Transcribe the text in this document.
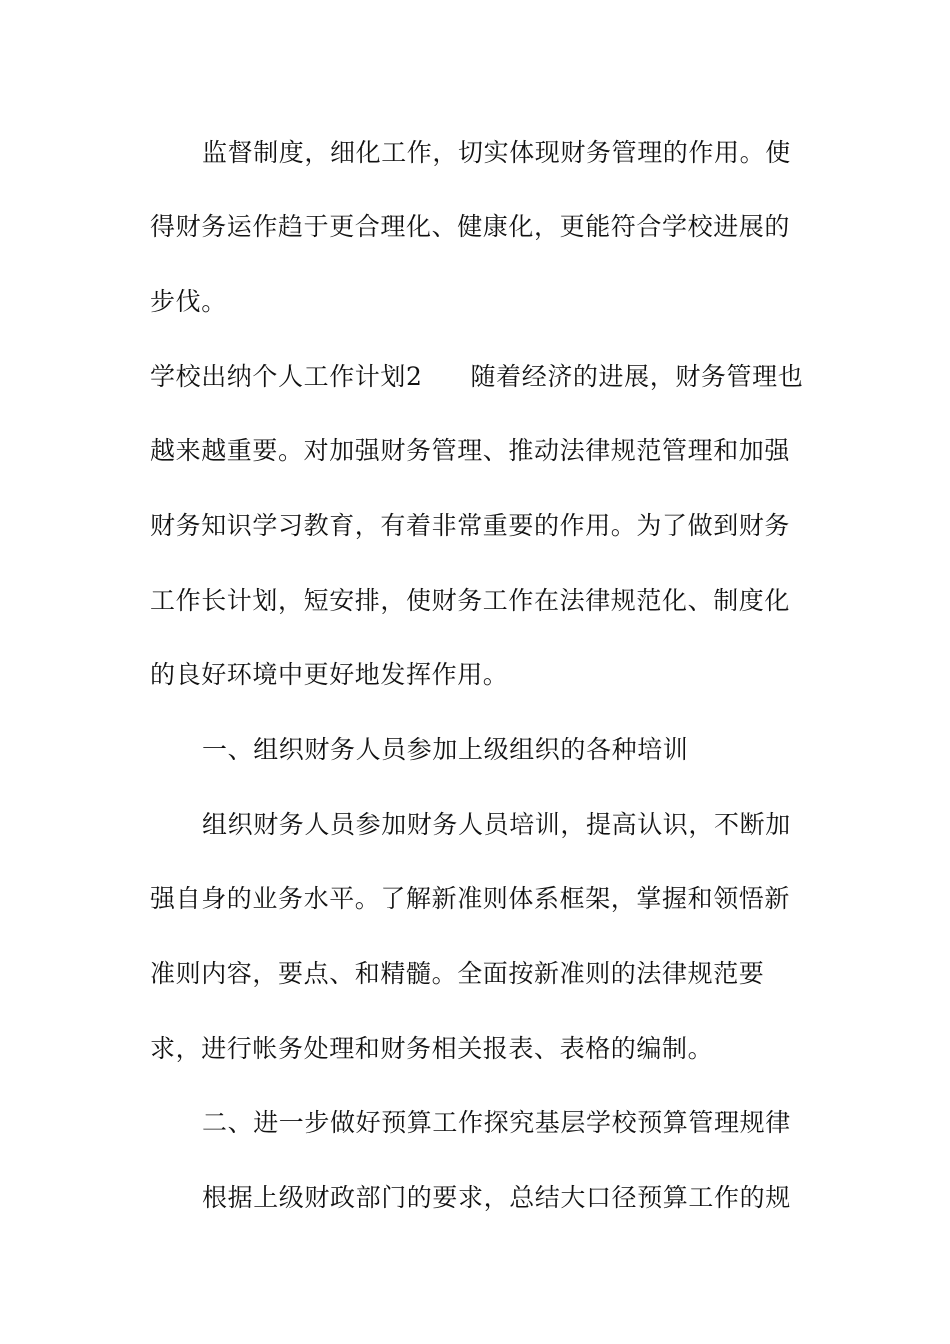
监督制度，细化工作，切实体现财务管理的作用。使
得财务运作趋于更合理化、健康化，更能符合学校进展的
步伐。
学校出纳个人工作计划2 随着经济的进展，财务管理也
越来越重要。对加强财务管理、推动法律规范管理和加强
财务知识学习教育，有着非常重要的作用。为了做到财务
工作长计划，短安排，使财务工作在法律规范化、制度化
的良好环境中更好地发挥作用。
一、组织财务人员参加上级组织的各种培训
组织财务人员参加财务人员培训，提高认识，不断加
强自身的业务水平。了解新准则体系框架，掌握和领悟新
准则内容，要点、和精髓。全面按新准则的法律规范要
求，进行帐务处理和财务相关报表、表格的编制。
二、进一步做好预算工作探究基层学校预算管理规律
根据上级财政部门的要求，总结大口径预算工作的规
